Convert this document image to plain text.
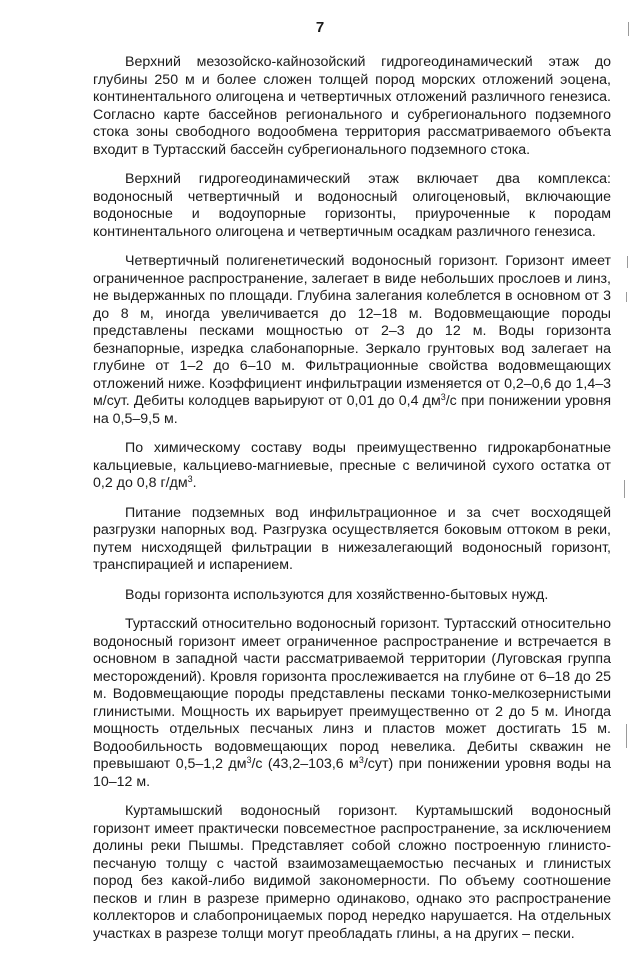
7

Верхний мезозойско-кайнозойский гидрогеодинамический этаж до глубины 250 м и более сложен толщей пород морских отложений эоцена, континентального олигоцена и четвертичных отложений различного генезиса. Согласно карте бассейнов регионального и субрегионального подземного стока зоны свободного водообмена территория рассматриваемого объекта входит в Туртасский бассейн субрегионального подземного стока.

Верхний гидрогеодинамический этаж включает два комплекса: водоносный четвертичный и водоносный олигоценовый, включающие водоносные и водоупорные горизонты, приуроченные к породам континентального олигоцена и четвертичным осадкам различного генезиса.

Четвертичный полигенетический водоносный горизонт. Горизонт имеет ограниченное распространение, залегает в виде небольших прослоев и линз, не выдержанных по площади. Глубина залегания колеблется в основном от 3 до 8 м, иногда увеличивается до 12–18 м. Водовмещающие породы представлены песками мощностью от 2–3 до 12 м. Воды горизонта безнапорные, изредка слабонапорные. Зеркало грунтовых вод залегает на глубине от 1–2 до 6–10 м. Фильтрационные свойства водовмещающих отложений ниже. Коэффициент инфильтрации изменяется от 0,2–0,6 до 1,4–3 м/сут. Дебиты колодцев варьируют от 0,01 до 0,4 $дм^3/с$ при понижении уровня на 0,5–9,5 м.

По химическому составу воды преимущественно гидрокарбонатные кальциевые, кальциево-магниевые, пресные с величиной сухого остатка от 0,2 до 0,8 $г/дм^3$.

Питание подземных вод инфильтрационное и за счет восходящей разгрузки напорных вод. Разгрузка осуществляется боковым оттоком в реки, путем нисходящей фильтрации в нижезалегающий водоносный горизонт, транспирацией и испарением.

Воды горизонта используются для хозяйственно-бытовых нужд.

Туртасский относительно водоносный горизонт. Туртасский относительно водоносный горизонт имеет ограниченное распространение и встречается в основном в западной части рассматриваемой территории (Луговская группа месторождений). Кровля горизонта прослеживается на глубине от 6–18 до 25 м. Водовмещающие породы представлены песками тонко-мелкозернистыми глинистыми. Мощность их варьирует преимущественно от 2 до 5 м. Иногда мощность отдельных песчаных линз и пластов может достигать 15 м. Водообильность водовмещающих пород невелика. Дебиты скважин не превышают 0,5–1,2 $дм^3/с$ (43,2–103,6 $м^3/сут$) при понижении уровня воды на 10–12 м.

Куртамышский водоносный горизонт. Куртамышский водоносный горизонт имеет практически повсеместное распространение, за исключением долины реки Пышмы. Представляет собой сложно построенную глинисто-песчаную толщу с частой взаимозамещаемостью песчаных и глинистых пород без какой-либо видимой закономерности. По объему соотношение песков и глин в разрезе примерно одинаково, однако это распространение коллекторов и слабопроницаемых пород нередко нарушается. На отдельных участках в разрезе толщи могут преобладать глины, а на других – пески.
